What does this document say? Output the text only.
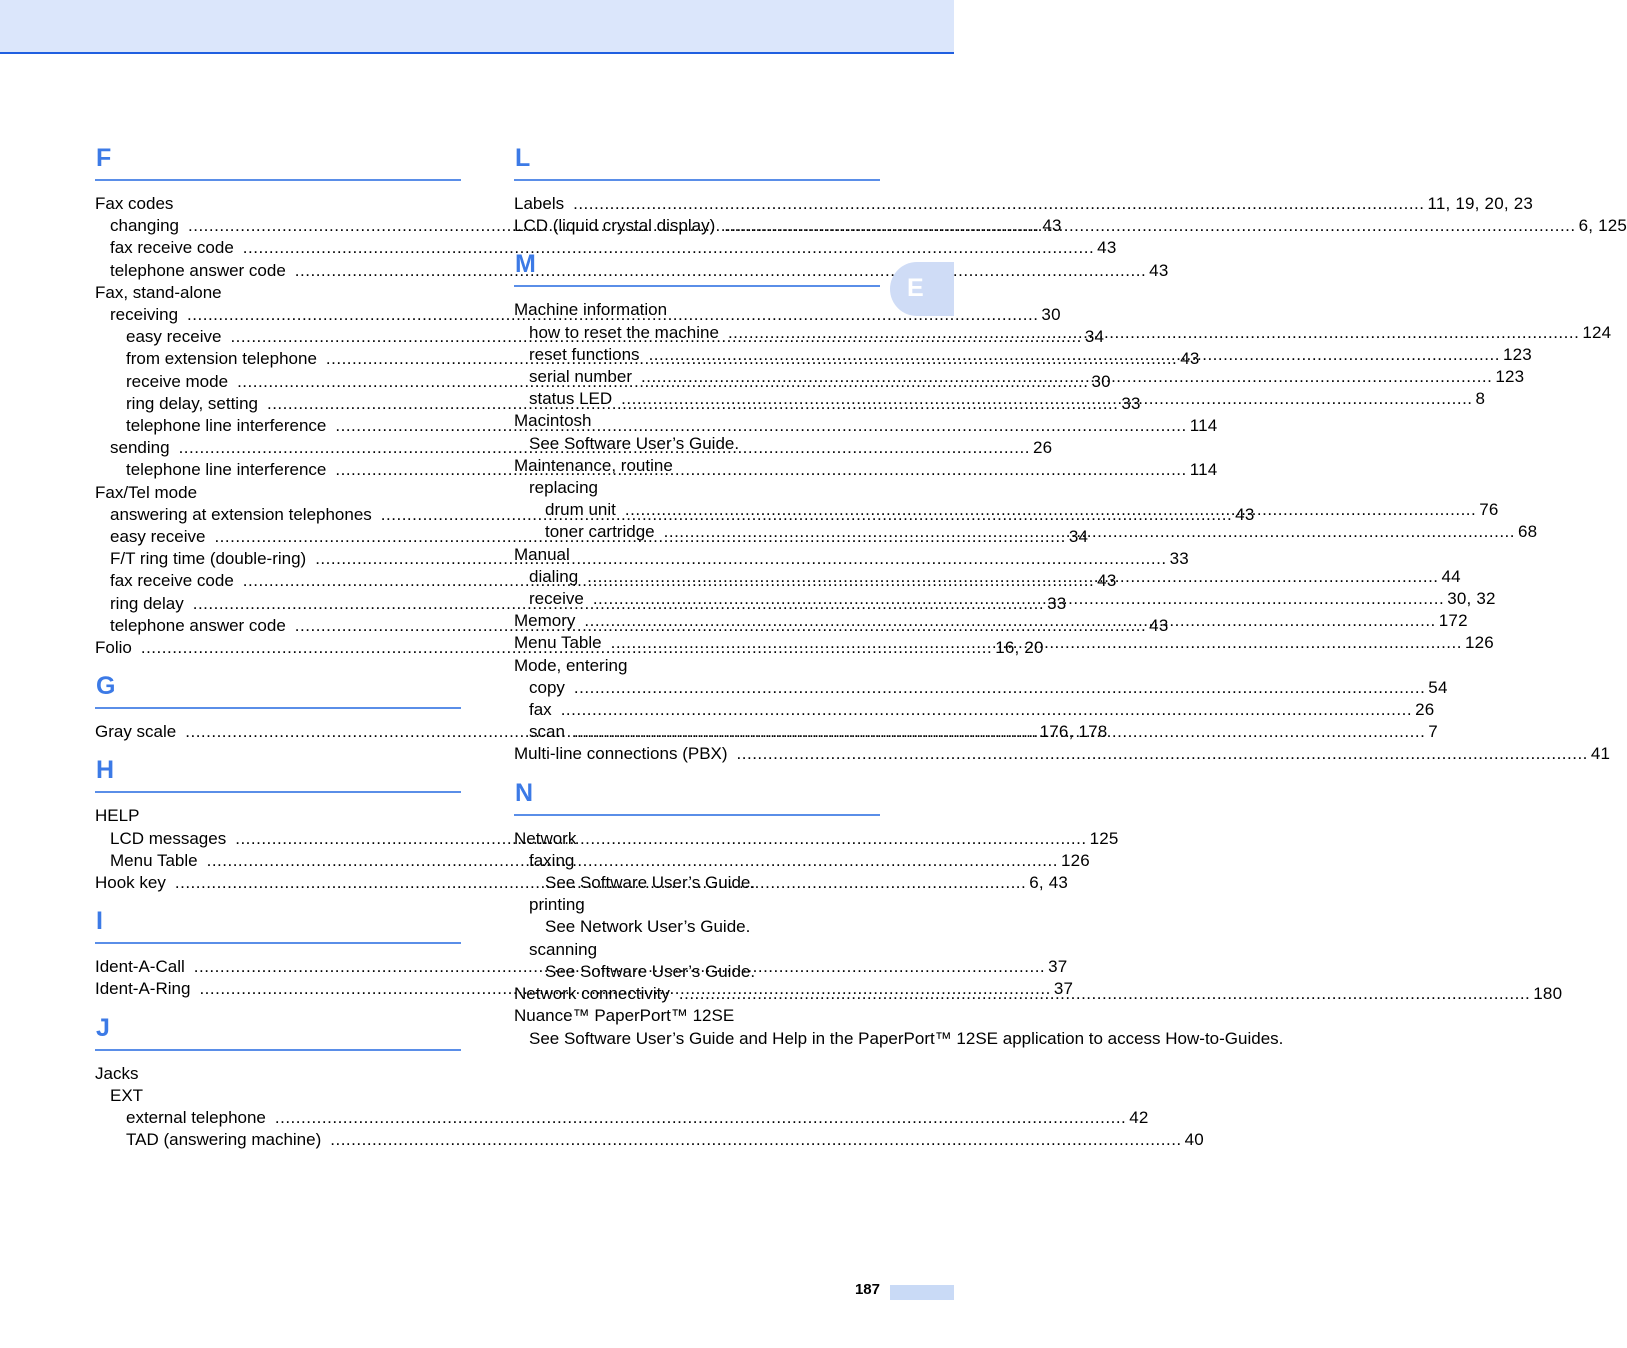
F
Fax codes
changing .....	43
fax receive code .....	43
telephone answer code .....	43
Fax, stand-alone
receiving .....	30
easy receive .....	34
from extension telephone .....	43
receive mode .....	30
ring delay, setting .....	33
telephone line interference .....	114
sending .....	26
telephone line interference .....	114
Fax/Tel mode
answering at extension telephones .....	43
easy receive .....	34
F/T ring time (double-ring) .....	33
fax receive code .....	43
ring delay .....	33
telephone answer code .....	43
Folio .....	16, 20
G
Gray scale .....	176, 178
H
HELP
LCD messages .....	125
Menu Table .....	126
Hook key .....	6, 43
I
Ident-A-Call .....	37
Ident-A-Ring .....	37
J
Jacks
EXT
external telephone .....	42
TAD (answering machine) .....	40
L
Labels .....	11, 19, 20, 23
LCD (liquid crystal display) .....	6, 125
M
Machine information
how to reset the machine .....	124
reset functions .....	123
serial number .....	123
status LED .....	8
Macintosh
See Software User’s Guide.
Maintenance, routine
replacing
drum unit .....	76
toner cartridge .....	68
Manual
dialing .....	44
receive .....	30, 32
Memory .....	172
Menu Table .....	126
Mode, entering
copy .....	54
fax .....	26
scan .....	7
Multi-line connections (PBX) .....	41
N
Network
faxing
See Software User’s Guide.
printing
See Network User’s Guide.
scanning
See Software User’s Guide.
Network connectivity .....	180
Nuance™ PaperPort™ 12SE
See Software User’s Guide and Help in the PaperPort™ 12SE application to access How-to-Guides.
E
187
